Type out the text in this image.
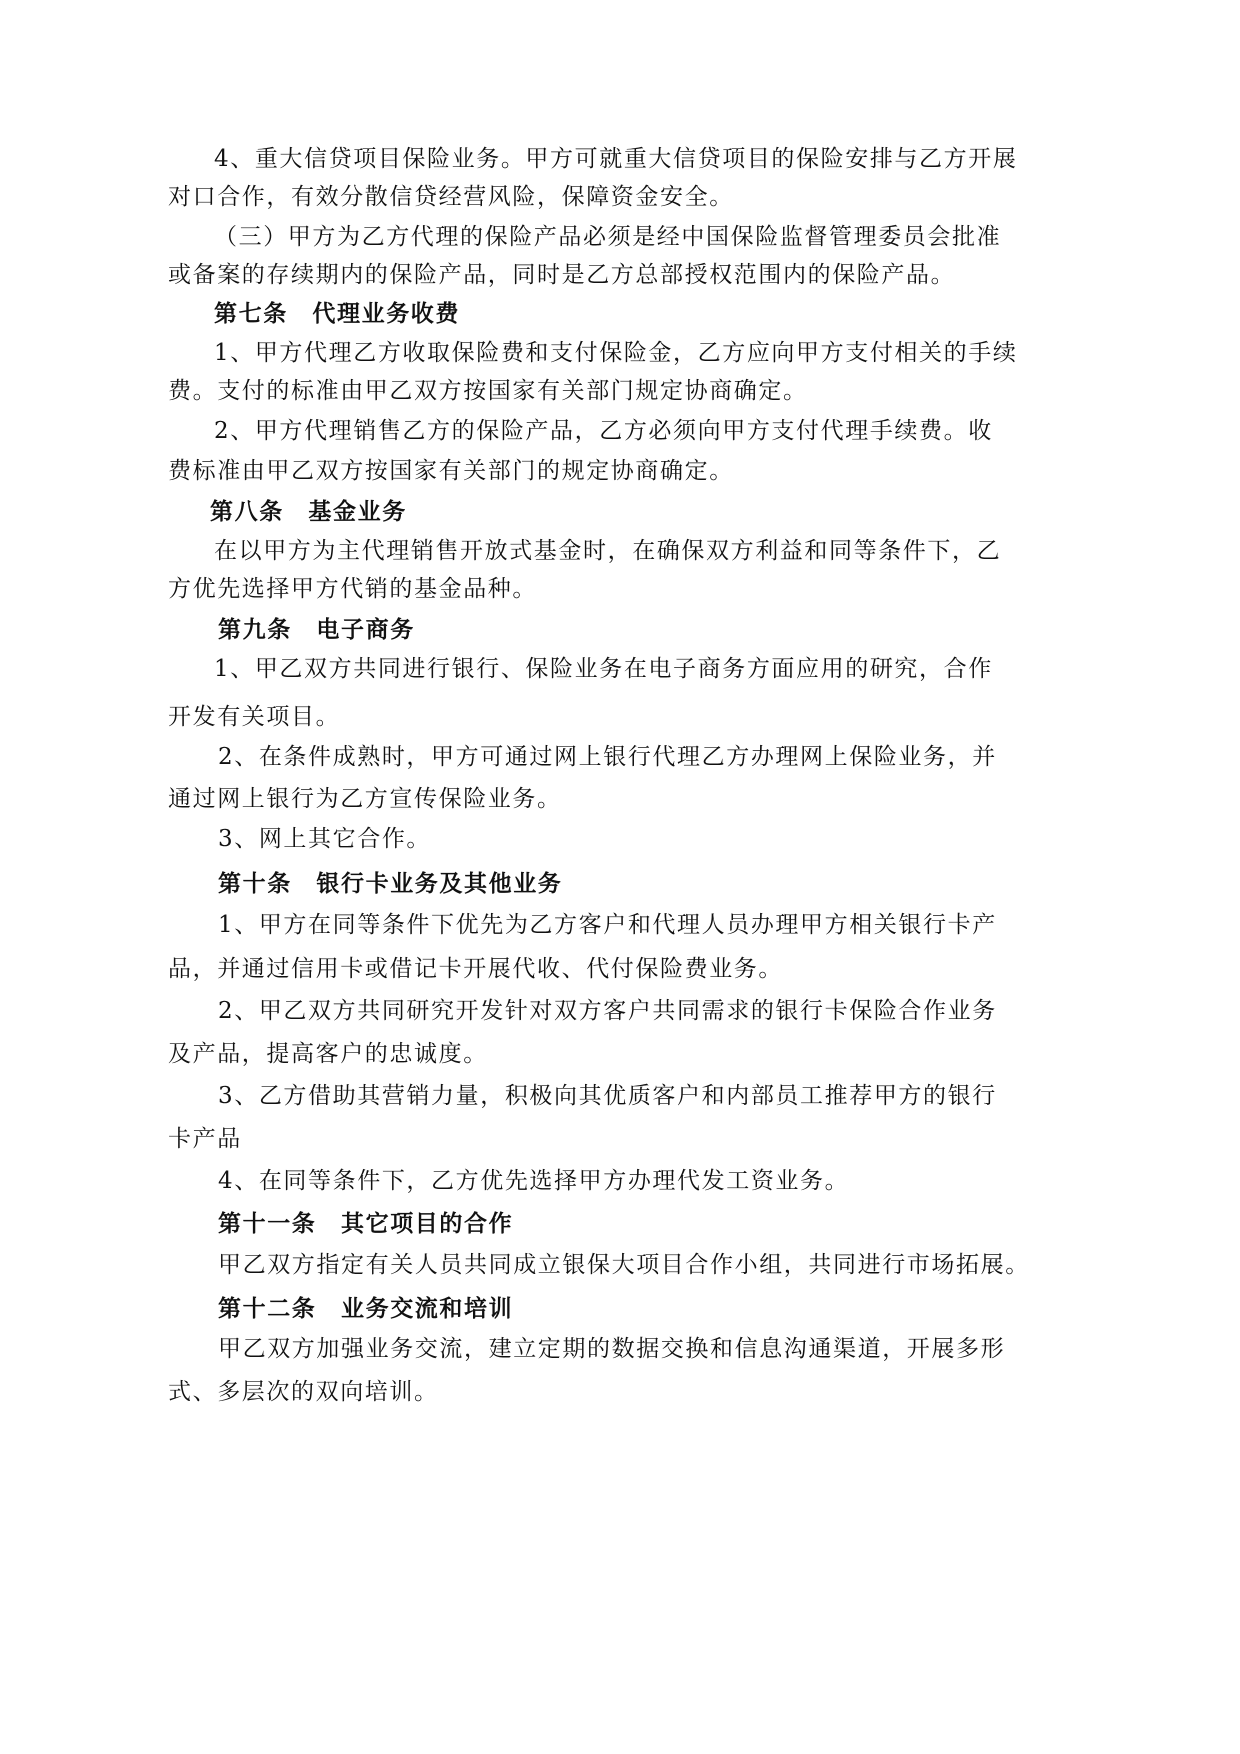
4、重大信贷项目保险业务。甲方可就重大信贷项目的保险安排与乙方开展

对口合作，有效分散信贷经营风险，保障资金安全。

（三）甲方为乙方代理的保险产品必须是经中国保险监督管理委员会批准

或备案的存续期内的保险产品，同时是乙方总部授权范围内的保险产品。

第七条　代理业务收费

1、甲方代理乙方收取保险费和支付保险金，乙方应向甲方支付相关的手续

费。支付的标准由甲乙双方按国家有关部门规定协商确定。

2、甲方代理销售乙方的保险产品，乙方必须向甲方支付代理手续费。收

费标准由甲乙双方按国家有关部门的规定协商确定。

第八条　基金业务

在以甲方为主代理销售开放式基金时，在确保双方利益和同等条件下，乙

方优先选择甲方代销的基金品种。

第九条　电子商务

1、甲乙双方共同进行银行、保险业务在电子商务方面应用的研究，合作

开发有关项目。

2、在条件成熟时，甲方可通过网上银行代理乙方办理网上保险业务，并

通过网上银行为乙方宣传保险业务。

3、网上其它合作。

第十条　银行卡业务及其他业务

1、甲方在同等条件下优先为乙方客户和代理人员办理甲方相关银行卡产

品，并通过信用卡或借记卡开展代收、代付保险费业务。

2、甲乙双方共同研究开发针对双方客户共同需求的银行卡保险合作业务

及产品，提高客户的忠诚度。

3、乙方借助其营销力量，积极向其优质客户和内部员工推荐甲方的银行

卡产品

4、在同等条件下，乙方优先选择甲方办理代发工资业务。

第十一条　其它项目的合作

甲乙双方指定有关人员共同成立银保大项目合作小组，共同进行市场拓展。

第十二条　业务交流和培训

甲乙双方加强业务交流，建立定期的数据交换和信息沟通渠道，开展多形

式、多层次的双向培训。
